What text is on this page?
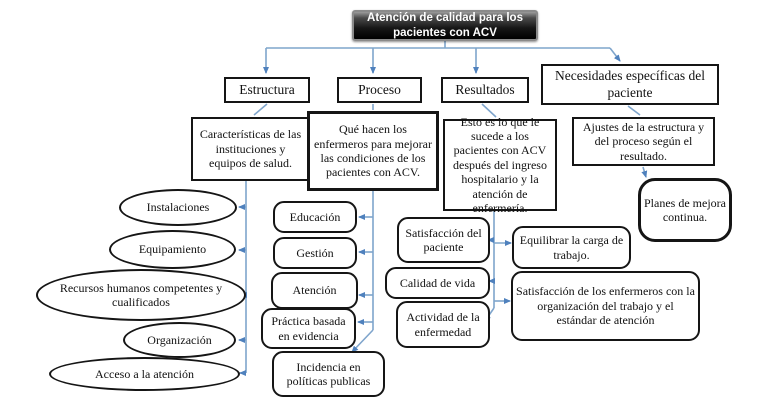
Atención de calidad para los pacientes con ACV
Estructura	Proceso	Resultados
Necesidades específicas del paciente
Características de las instituciones y equipos de salud.
Qué hacen los enfermeros para mejorar las condiciones de los pacientes con ACV.
Esto es lo que le sucede a los pacientes con ACV después del ingreso hospitalario y la atención de enfermería.
Ajustes de la estructura y del proceso según el resultado.
Planes de mejora continua.
Instalaciones
Equipamiento
Recursos humanos competentes y cualificados
Organización
Acceso a la atención
Educación
Gestión
Atención
Práctica basada en evidencia
Incidencia en políticas publicas
Satisfacción del paciente
Calidad de vida
Actividad de la enfermedad
Equilibrar la carga de trabajo.
Satisfacción de los enfermeros con la organización del trabajo y el estándar de atención
